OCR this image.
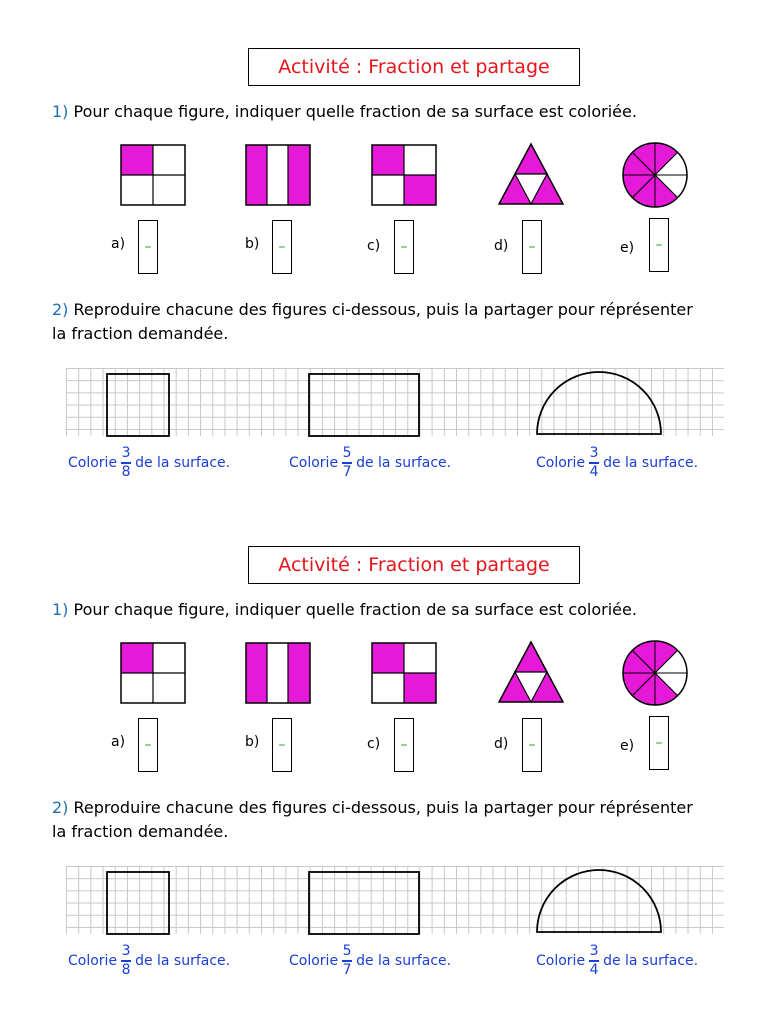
Activité : Fraction et partage
1) Pour chaque figure, indiquer quelle fraction de sa surface est coloriée.
a) –	b) –	c) –	d) –	e) –
2) Reproduire chacune des figures ci-dessous, puis la partager pour réprésenter la fraction demandée.
Colorie $\frac{3}{8}$ de la surface.	Colorie $\frac{5}{7}$ de la surface.	Colorie $\frac{3}{4}$ de la surface.
Activité : Fraction et partage
1) Pour chaque figure, indiquer quelle fraction de sa surface est coloriée.
a) –	b) –	c) –	d) –	e) –
2) Reproduire chacune des figures ci-dessous, puis la partager pour réprésenter la fraction demandée.
Colorie $\frac{3}{8}$ de la surface.	Colorie $\frac{5}{7}$ de la surface.	Colorie $\frac{3}{4}$ de la surface.
